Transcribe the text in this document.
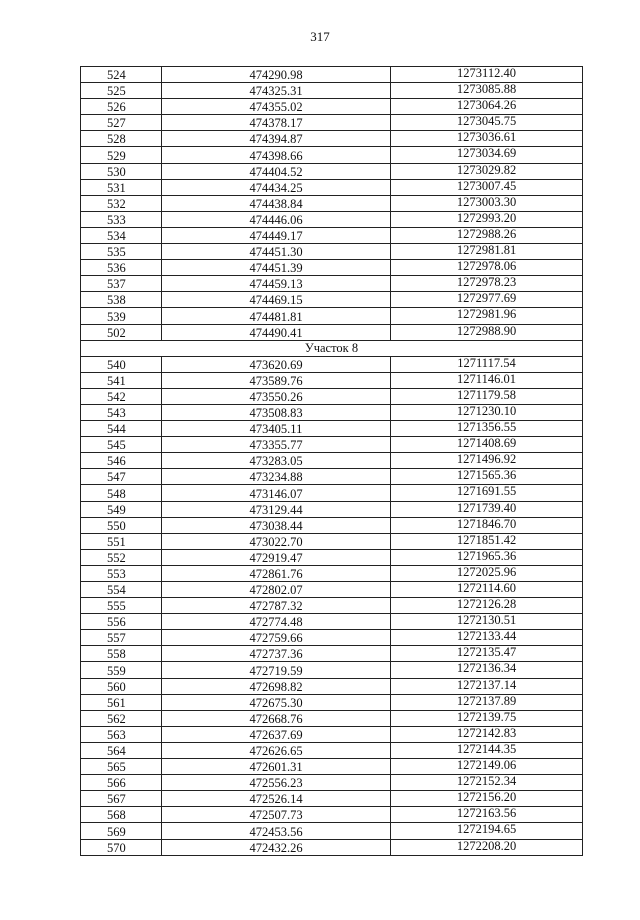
317
524	474290.98	1273112.40
525	474325.31	1273085.88
526	474355.02	1273064.26
527	474378.17	1273045.75
528	474394.87	1273036.61
529	474398.66	1273034.69
530	474404.52	1273029.82
531	474434.25	1273007.45
532	474438.84	1273003.30
533	474446.06	1272993.20
534	474449.17	1272988.26
535	474451.30	1272981.81
536	474451.39	1272978.06
537	474459.13	1272978.23
538	474469.15	1272977.69
539	474481.81	1272981.96
502	474490.41	1272988.90
Участок 8		
540	473620.69	1271117.54
541	473589.76	1271146.01
542	473550.26	1271179.58
543	473508.83	1271230.10
544	473405.11	1271356.55
545	473355.77	1271408.69
546	473283.05	1271496.92
547	473234.88	1271565.36
548	473146.07	1271691.55
549	473129.44	1271739.40
550	473038.44	1271846.70
551	473022.70	1271851.42
552	472919.47	1271965.36
553	472861.76	1272025.96
554	472802.07	1272114.60
555	472787.32	1272126.28
556	472774.48	1272130.51
557	472759.66	1272133.44
558	472737.36	1272135.47
559	472719.59	1272136.34
560	472698.82	1272137.14
561	472675.30	1272137.89
562	472668.76	1272139.75
563	472637.69	1272142.83
564	472626.65	1272144.35
565	472601.31	1272149.06
566	472556.23	1272152.34
567	472526.14	1272156.20
568	472507.73	1272163.56
569	472453.56	1272194.65
570	472432.26	1272208.20
